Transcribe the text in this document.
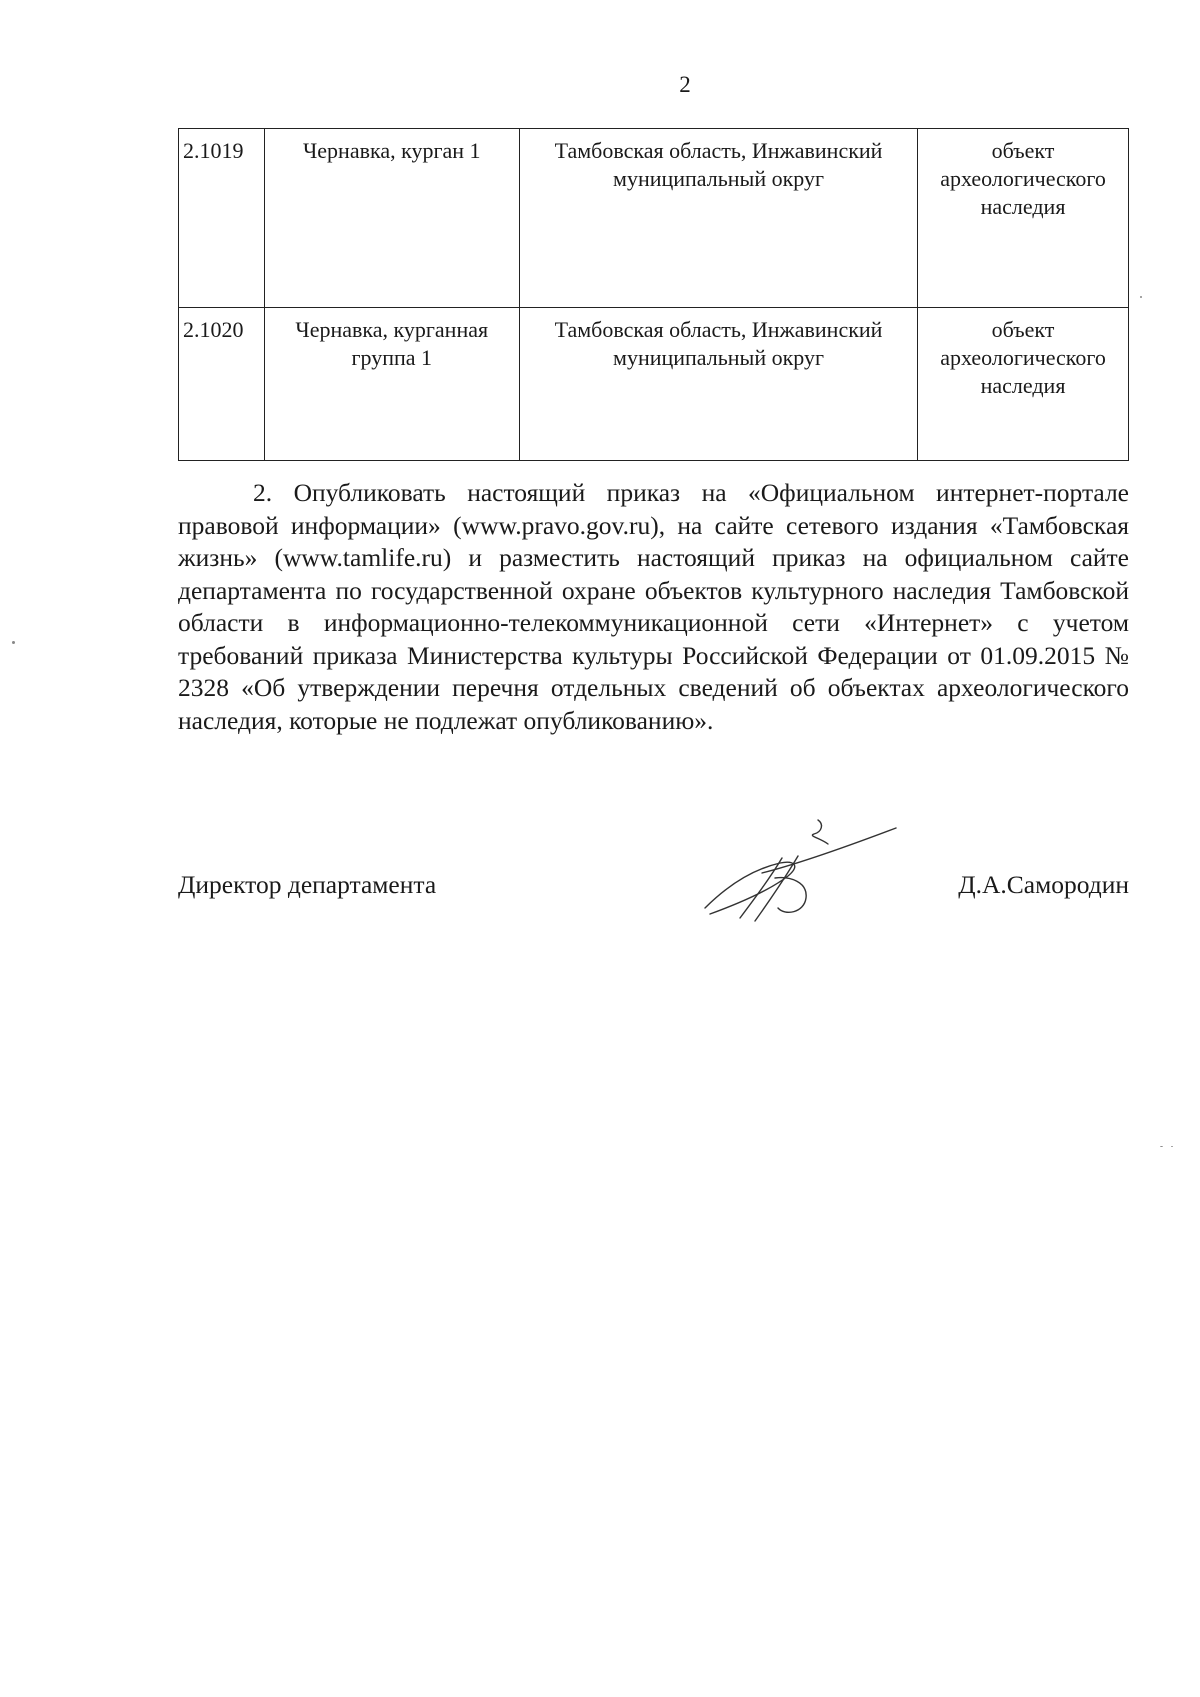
2
2.1019	Чернавка, курган 1	Тамбовская область, Инжавинский муниципальный округ	объект археологического наследия
2.1020	Чернавка, курганная группа 1	Тамбовская область, Инжавинский муниципальный округ	объект археологического наследия

2. Опубликовать настоящий приказ на «Официальном интернет-портале правовой информации» (www.pravo.gov.ru), на сайте сетевого издания «Тамбовская жизнь» (www.tamlife.ru) и разместить настоящий приказ на официальном сайте департамента по государственной охране объектов культурного наследия Тамбовской области в информационно-телекоммуникационной сети «Интернет» с учетом требований приказа Министерства культуры Российской Федерации от 01.09.2015 № 2328 «Об утверждении перечня отдельных сведений об объектах археологического наследия, которые не подлежат опубликованию».

Директор департамента	Д.А.Самородин
